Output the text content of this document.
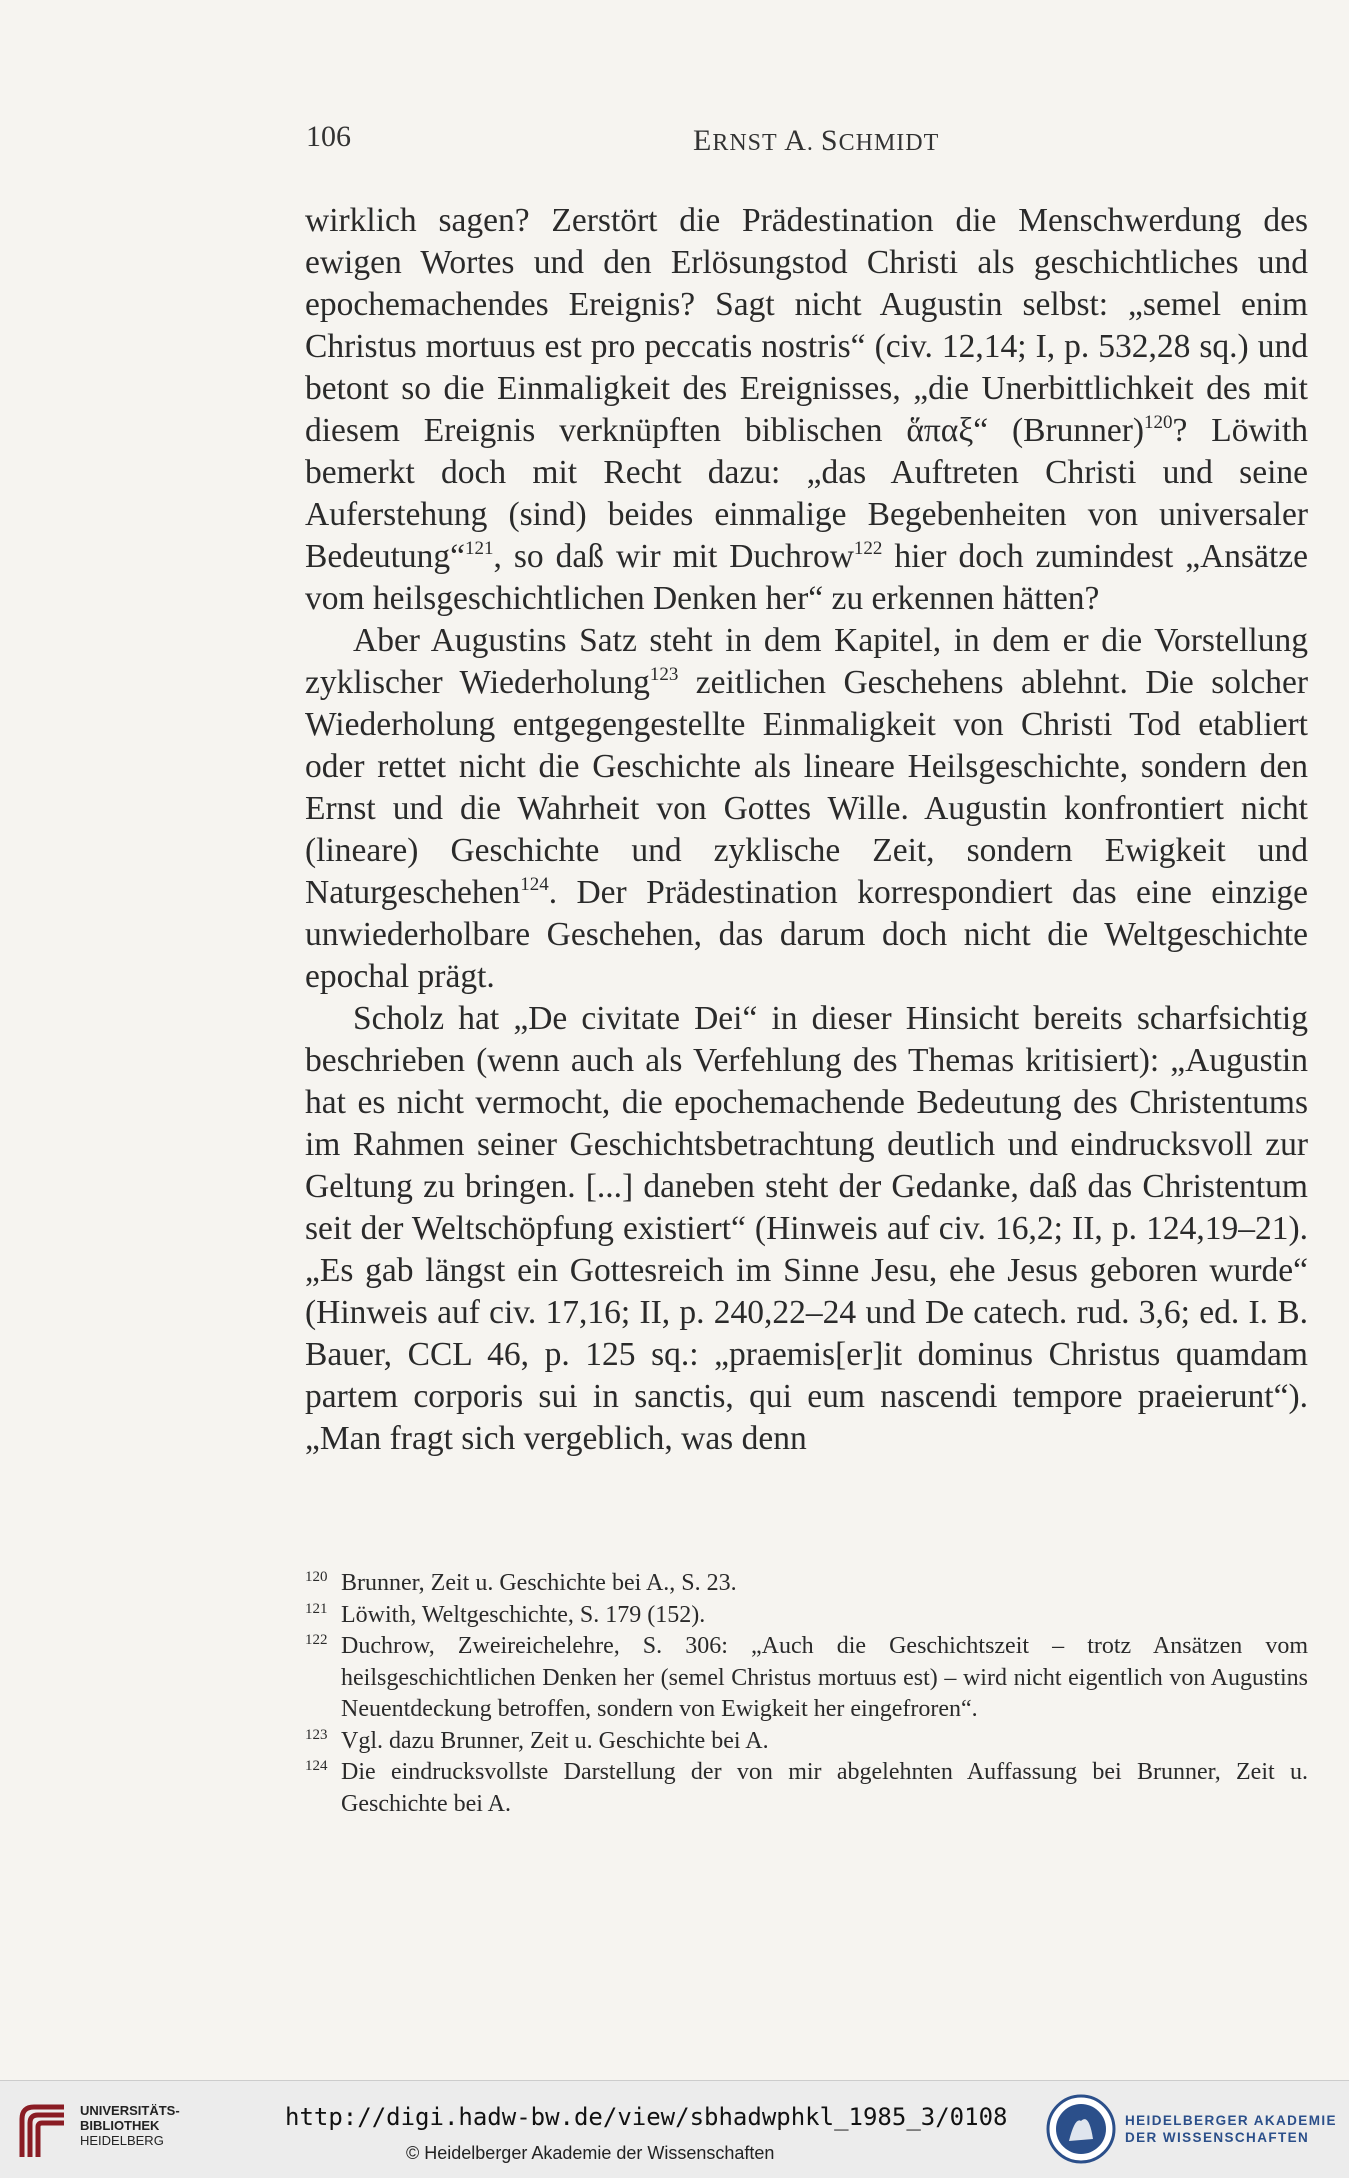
106	ERNST A. SCHMIDT

wirklich sagen? Zerstört die Prädestination die Menschwerdung des ewigen Wortes und den Erlösungstod Christi als geschichtliches und epochemachendes Ereignis? Sagt nicht Augustin selbst: „semel enim Christus mortuus est pro peccatis nostris“ (civ. 12,14; I, p. 532,28 sq.) und betont so die Einmaligkeit des Ereignisses, „die Unerbittlichkeit des mit diesem Ereignis verknüpften biblischen ἅπαξ“ (Brunner)$^{120}$? Löwith bemerkt doch mit Recht dazu: „das Auftreten Christi und seine Auferstehung (sind) beides einmalige Begebenheiten von universaler Bedeutung“$^{121}$, so daß wir mit Duchrow$^{122}$ hier doch zumindest „Ansätze vom heilsgeschichtlichen Denken her“ zu erkennen hätten?

Aber Augustins Satz steht in dem Kapitel, in dem er die Vorstellung zyklischer Wiederholung$^{123}$ zeitlichen Geschehens ablehnt. Die solcher Wiederholung entgegengestellte Einmaligkeit von Christi Tod etabliert oder rettet nicht die Geschichte als lineare Heilsgeschichte, sondern den Ernst und die Wahrheit von Gottes Wille. Augustin konfrontiert nicht (lineare) Geschichte und zyklische Zeit, sondern Ewigkeit und Naturgeschehen$^{124}$. Der Prädestination korrespondiert das eine einzige unwiederholbare Geschehen, das darum doch nicht die Weltgeschichte epochal prägt.

Scholz hat „De civitate Dei“ in dieser Hinsicht bereits scharfsichtig beschrieben (wenn auch als Verfehlung des Themas kritisiert): „Augustin hat es nicht vermocht, die epochemachende Bedeutung des Christentums im Rahmen seiner Geschichtsbetrachtung deutlich und eindrucksvoll zur Geltung zu bringen. [...] daneben steht der Gedanke, daß das Christentum seit der Weltschöpfung existiert“ (Hinweis auf civ. 16,2; II, p. 124,19–21). „Es gab längst ein Gottesreich im Sinne Jesu, ehe Jesus geboren wurde“ (Hinweis auf civ. 17,16; II, p. 240,22–24 und De catech. rud. 3,6; ed. I. B. Bauer, CCL 46, p. 125 sq.: „praemis[er]it dominus Christus quamdam partem corporis sui in sanctis, qui eum nascendi tempore praeierunt“). „Man fragt sich vergeblich, was denn

$^{120}$ Brunner, Zeit u. Geschichte bei A., S. 23.

$^{121}$ Löwith, Weltgeschichte, S. 179 (152).

$^{122}$ Duchrow, Zweireichelehre, S. 306: „Auch die Geschichtszeit – trotz Ansätzen vom heilsgeschichtlichen Denken her (semel Christus mortuus est) – wird nicht eigentlich von Augustins Neuentdeckung betroffen, sondern von Ewigkeit her eingefroren“.

$^{123}$ Vgl. dazu Brunner, Zeit u. Geschichte bei A.

$^{124}$ Die eindrucksvollste Darstellung der von mir abgelehnten Auffassung bei Brunner, Zeit u. Geschichte bei A.

UNIVERSITÄTS-
BIBLIOTHEK
HEIDELBERG
http://digi.hadw-bw.de/view/sbhadwphkl_1985_3/0108
© Heidelberger Akademie der Wissenschaften
HEIDELBERGER AKADEMIE
DER WISSENSCHAFTEN
